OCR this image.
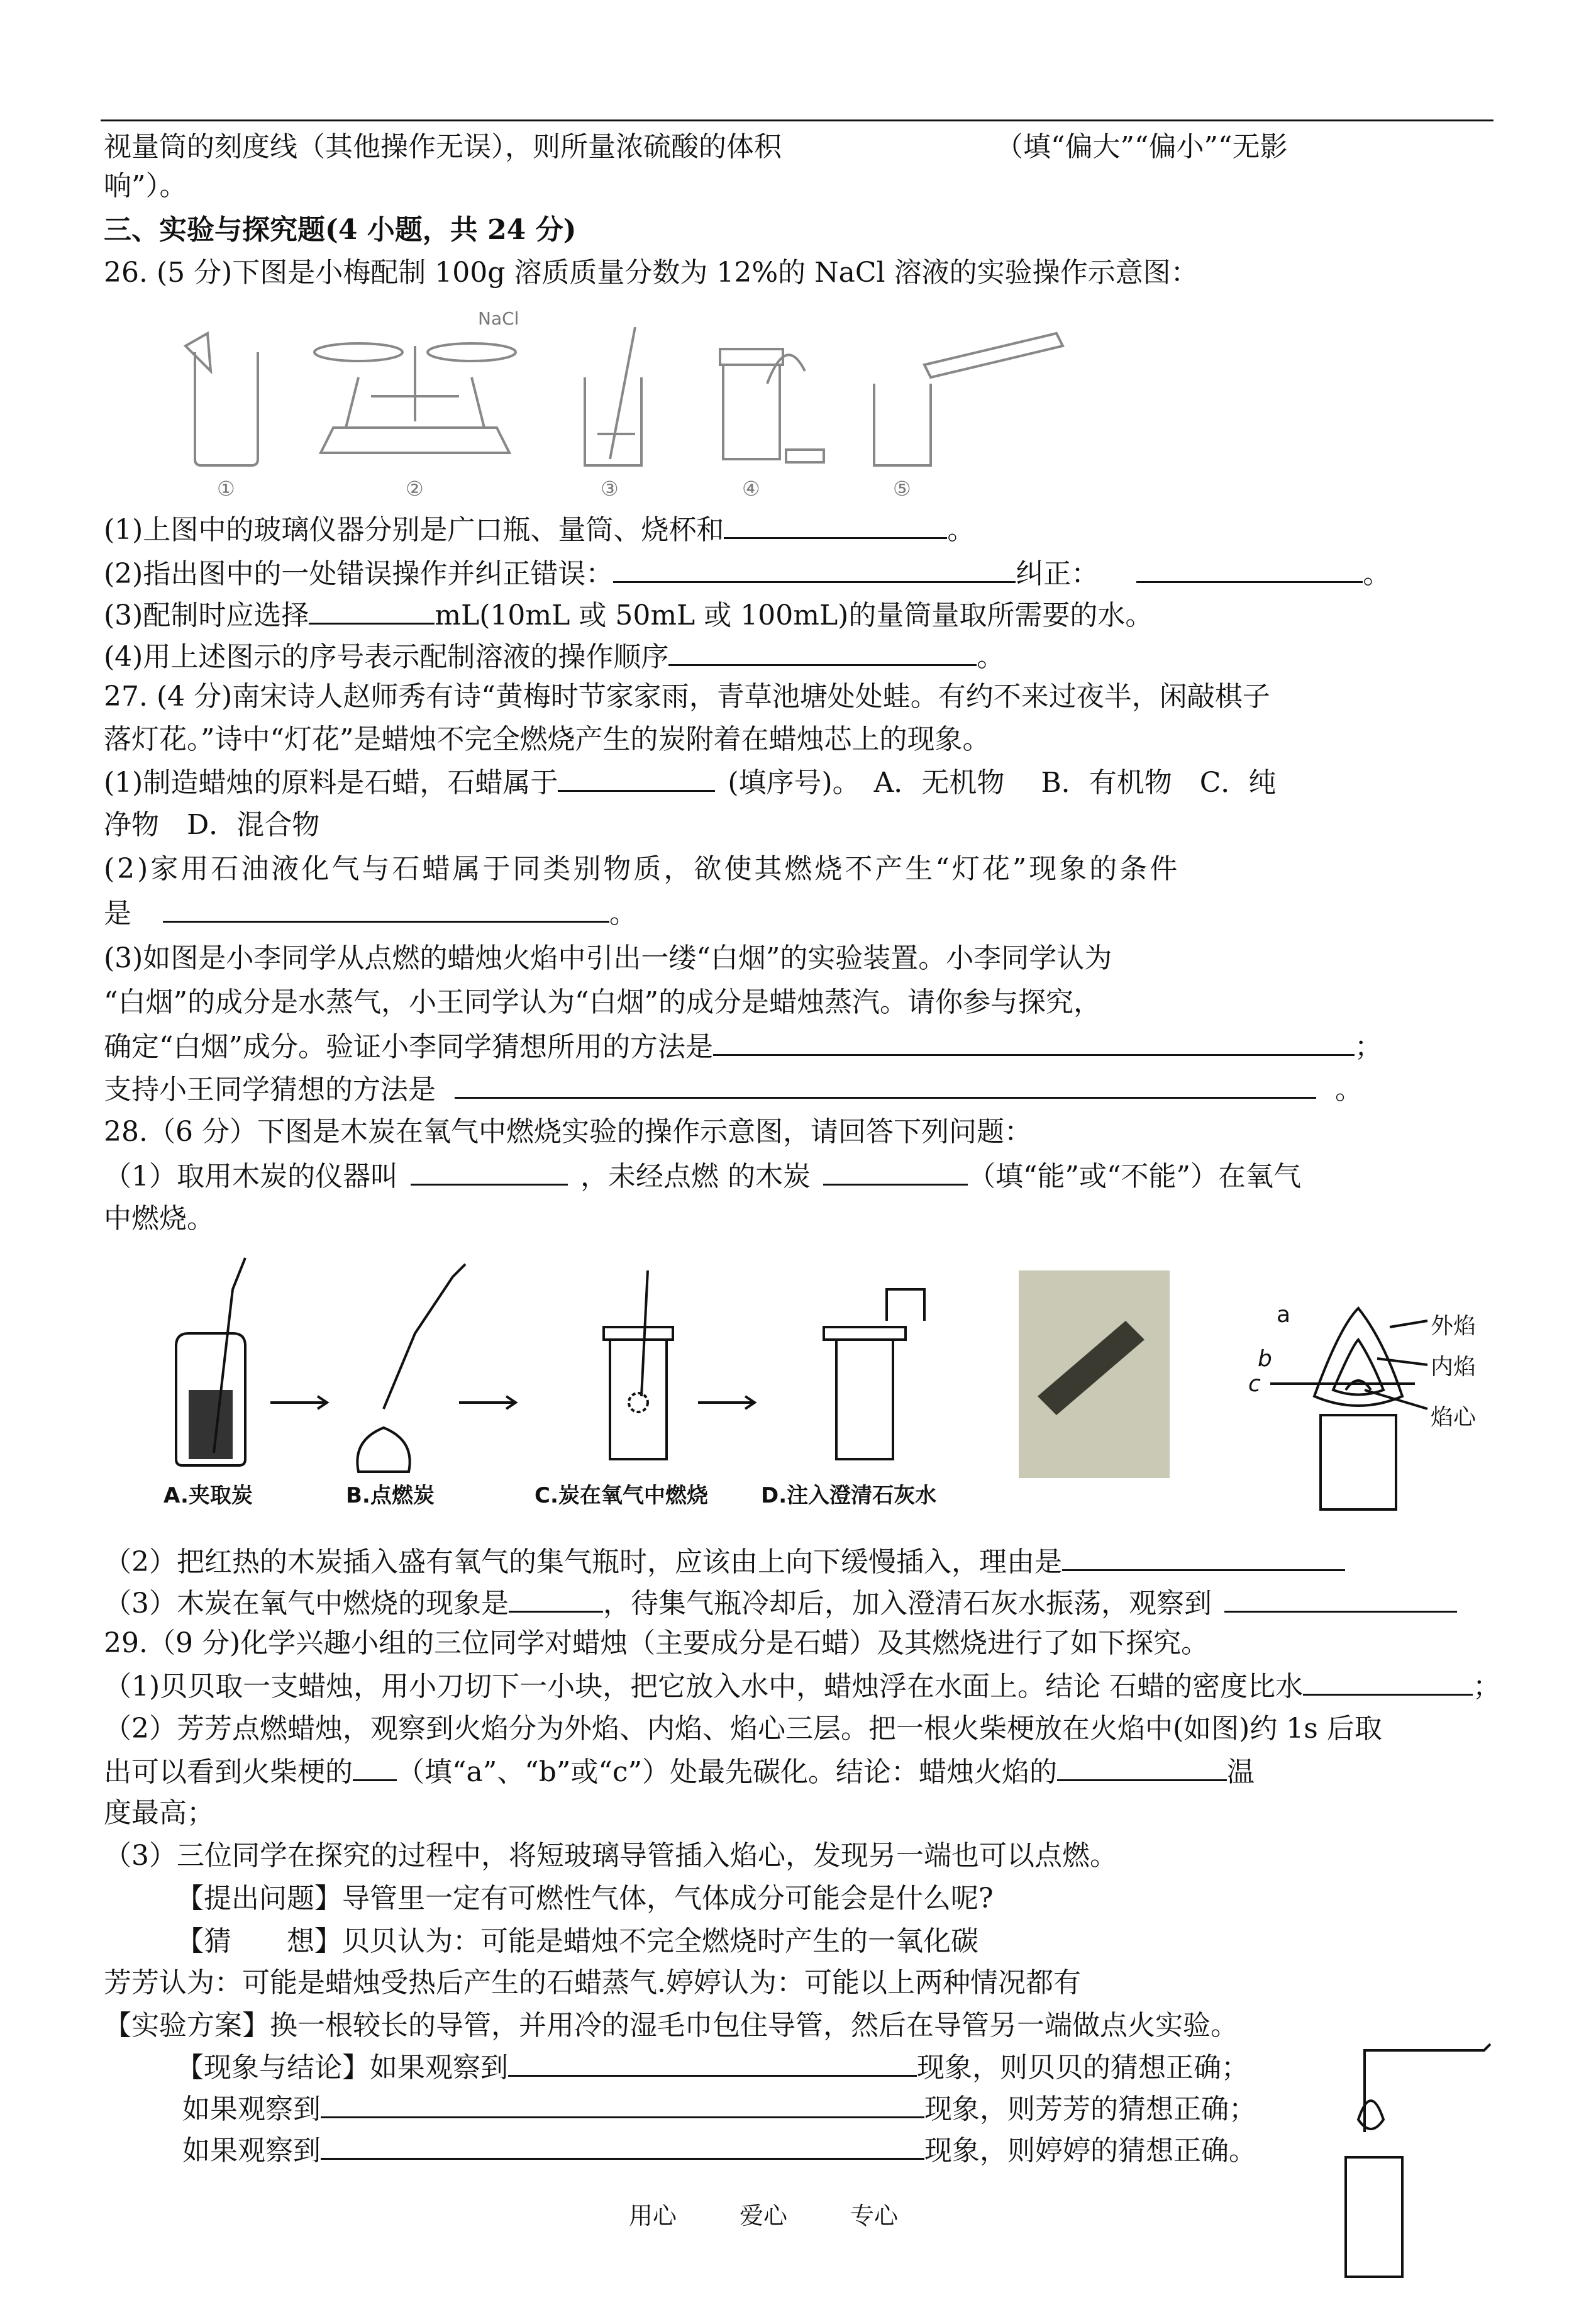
视量筒的刻度线（其他操作无误），则所量浓硫酸的体积	（填“偏大”“偏小”“无影
响”）。
三、实验与探究题(4 小题，共 24 分)
26. (5 分)下图是小梅配制 100g 溶质质量分数为 12%的 NaCl 溶液的实验操作示意图：
NaCl
①	②	③	④	⑤
(1)上图中的玻璃仪器分别是广口瓶、量筒、烧杯和	。
(2)指出图中的一处错误操作并纠正错误：	纠正：	。
(3)配制时应选择	mL(10mL 或 50mL 或 100mL)的量筒量取所需要的水。
(4)用上述图示的序号表示配制溶液的操作顺序	。
27. (4 分)南宋诗人赵师秀有诗“黄梅时节家家雨，青草池塘处处蛙。有约不来过夜半，闲敲棋子
落灯花。”诗中“灯花”是蜡烛不完全燃烧产生的炭附着在蜡烛芯上的现象。
(1)制造蜡烛的原料是石蜡，石蜡属于	(填序号)。　A．无机物　 B．有机物　C．纯
净物　D．混合物
(2)家用石油液化气与石蜡属于同类别物质，欲使其燃烧不产生“灯花”现象的条件
是	。
(3)如图是小李同学从点燃的蜡烛火焰中引出一缕“白烟”的实验装置。小李同学认为
“白烟”的成分是水蒸气，小王同学认为“白烟”的成分是蜡烛蒸汽。请你参与探究，
确定“白烟”成分。验证小李同学猜想所用的方法是	；
支持小王同学猜想的方法是	。
28.（6 分）下图是木炭在氧气中燃烧实验的操作示意图，请回答下列问题：
（1）取用木炭的仪器叫	，未经点燃 的木炭	（填“能”或“不能”）在氧气
中燃烧。
A.夹取炭	B.点燃炭	C.炭在氧气中燃烧 D.注入澄清石灰水
a
b
c
外焰
内焰
焰心
（2）把红热的木炭插入盛有氧气的集气瓶时，应该由上向下缓慢插入，理由是
（3）木炭在氧气中燃烧的现象是	，待集气瓶冷却后，加入澄清石灰水振荡，观察到
29.（9 分)化学兴趣小组的三位同学对蜡烛（主要成分是石蜡）及其燃烧进行了如下探究。
（1)贝贝取一支蜡烛，用小刀切下一小块，把它放入水中，蜡烛浮在水面上。结论 石蜡的密度比水	；
（2）芳芳点燃蜡烛，观察到火焰分为外焰、内焰、焰心三层。把一根火柴梗放在火焰中(如图)约 1s 后取
出可以看到火柴梗的 （填“a”、“b”或“c”）处最先碳化。结论：蜡烛火焰的	温
度最高；
（3）三位同学在探究的过程中，将短玻璃导管插入焰心，发现另一端也可以点燃。
【提出问题】导管里一定有可燃性气体，气体成分可能会是什么呢?
【猜　　想】贝贝认为：可能是蜡烛不完全燃烧时产生的一氧化碳
芳芳认为：可能是蜡烛受热后产生的石蜡蒸气.婷婷认为：可能以上两种情况都有
【实验方案】换一根较长的导管，并用冷的湿毛巾包住导管，然后在导管另一端做点火实验。
【现象与结论】如果观察到	现象，则贝贝的猜想正确；
如果观察到	现象，则芳芳的猜想正确；
如果观察到	现象，则婷婷的猜想正确。
用心	爱心	专心
